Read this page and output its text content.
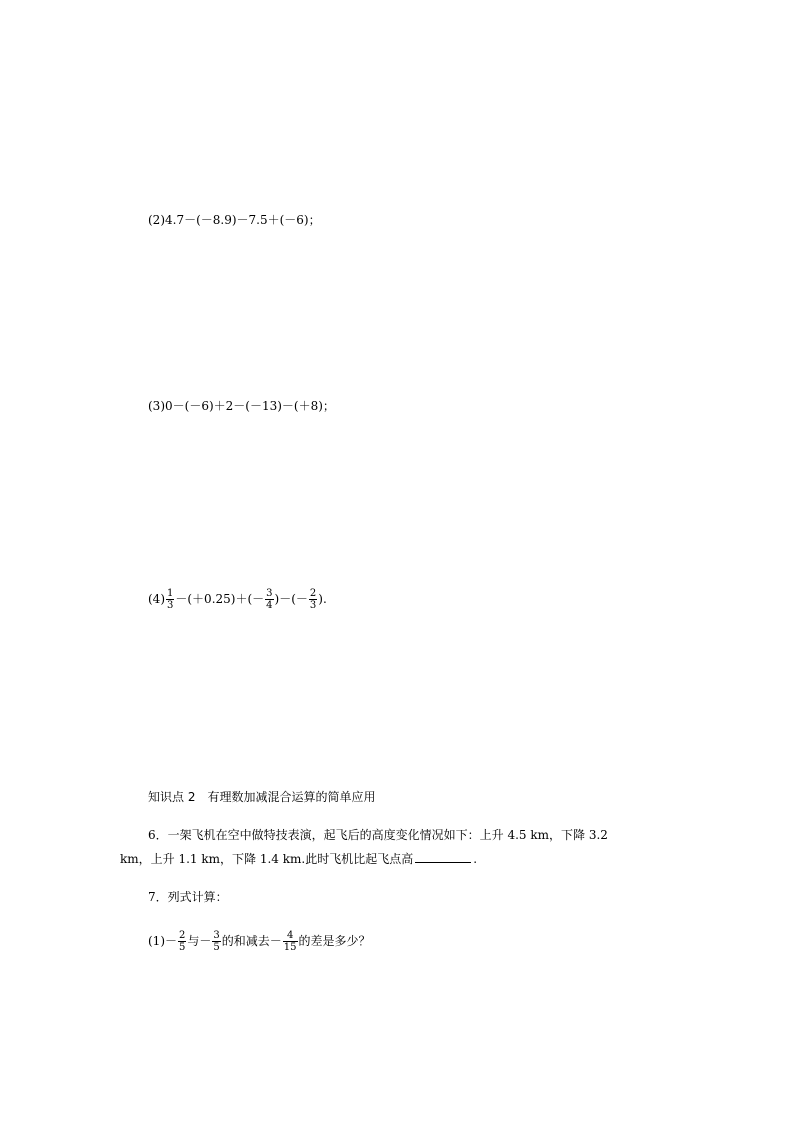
(2)4.7－(－8.9)－7.5＋(－6)；
(3)0－(－6)＋2－(－13)－(＋8)；
$(4) \frac{1}{3} -(+0.25)+(- \frac{3}{4}$ )－(－ $\frac{2}{3}$ ).
知识点 2　有理数加减混合运算的简单应用
6．一架飞机在空中做特技表演，起飞后的高度变化情况如下：上升 4.5 km，下降 3.2
km，上升 1.1 km，下降 1.4 km.此时飞机比起飞点高	.
7．列式计算：
$(1)- \frac{2}{5}$ 与－ $\frac{3}{5}$ 的和减去－ $\frac{4}{15}$ 的差是多少？
